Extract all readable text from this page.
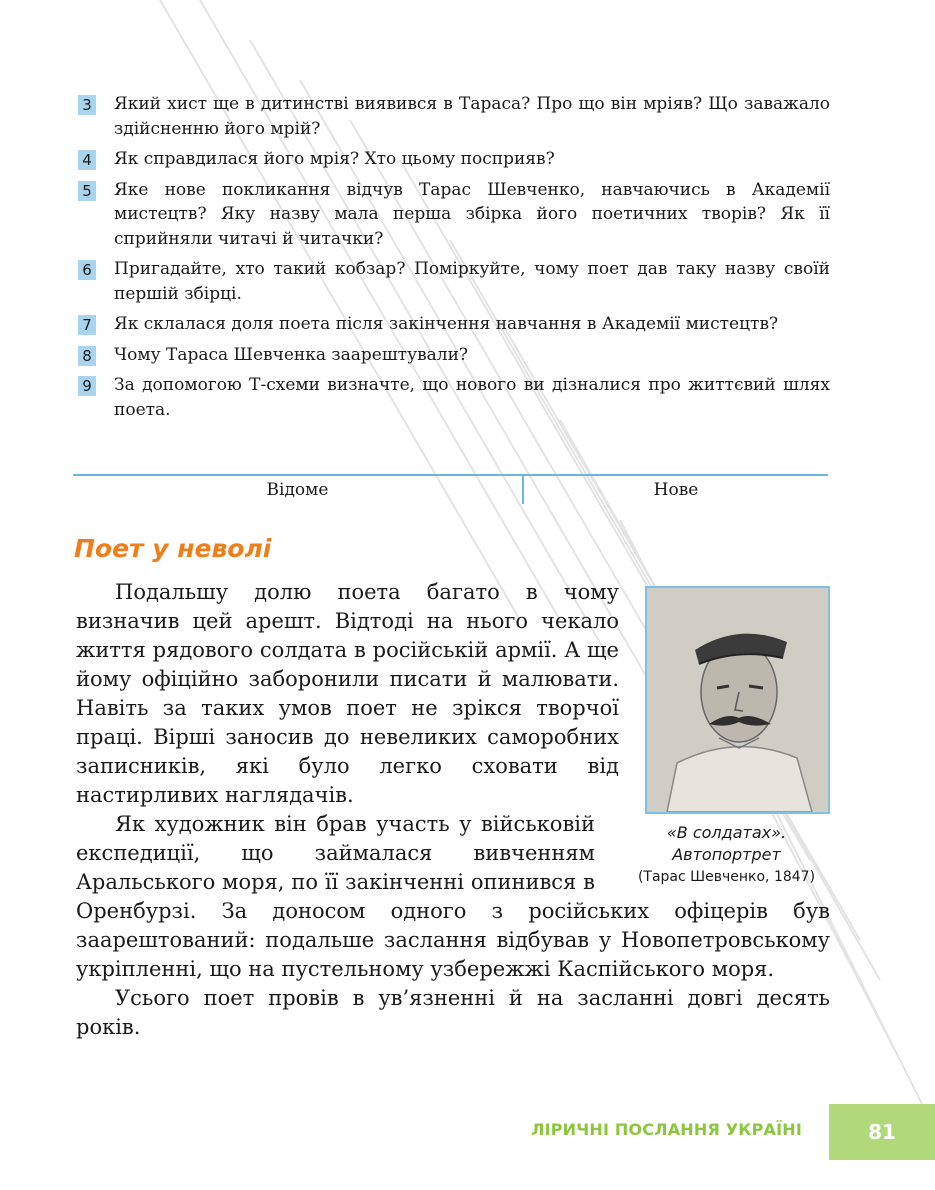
3 Який хист ще в дитинстві виявився в Тараса? Про що він мріяв? Що заважало здійсненню його мрій?
4 Як справдилася його мрія? Хто цьому посприяв?
5 Яке нове покликання відчув Тарас Шевченко, навчаючись в Академії мистецтв? Яку назву мала перша збірка його поетичних творів? Як її сприйняли читачі й читачки?
6 Пригадайте, хто такий кобзар? Поміркуйте, чому поет дав таку назву своїй першій збірці.
7 Як склалася доля поета після закінчення навчання в Академії мистецтв?
8 Чому Тараса Шевченка заарештували?
9 За допомогою Т-схеми визначте, що нового ви дізналися про життєвий шлях поета.
Відоме	Нове
Поет у неволі
«В солдатах».
Автопортрет
(Тарас Шевченко, 1847)

Подальшу долю поета багато в чому визначив цей арешт. Відтоді на нього чекало життя рядового солдата в російській армії. А ще йому офіційно заборонили писати й малювати. Навіть за таких умов поет не зрікся творчої праці. Вірші заносив до невеликих саморобних записників, які було легко сховати від настирливих наглядачів.

Як художник він брав участь у військовій експедиції, що займалася вивченням Аральського моря, по її закінченні опинився в Оренбурзі. За доносом одного з російських офіцерів був заарештований: подальше заслання відбував у Новопетровському укріпленні, що на пустельному узбережжі Каспійського моря.

Усього поет провів в ув’язненні й на засланні довгі десять років.

ЛІРИЧНІ ПОСЛАННЯ УКРАЇНІ	81
